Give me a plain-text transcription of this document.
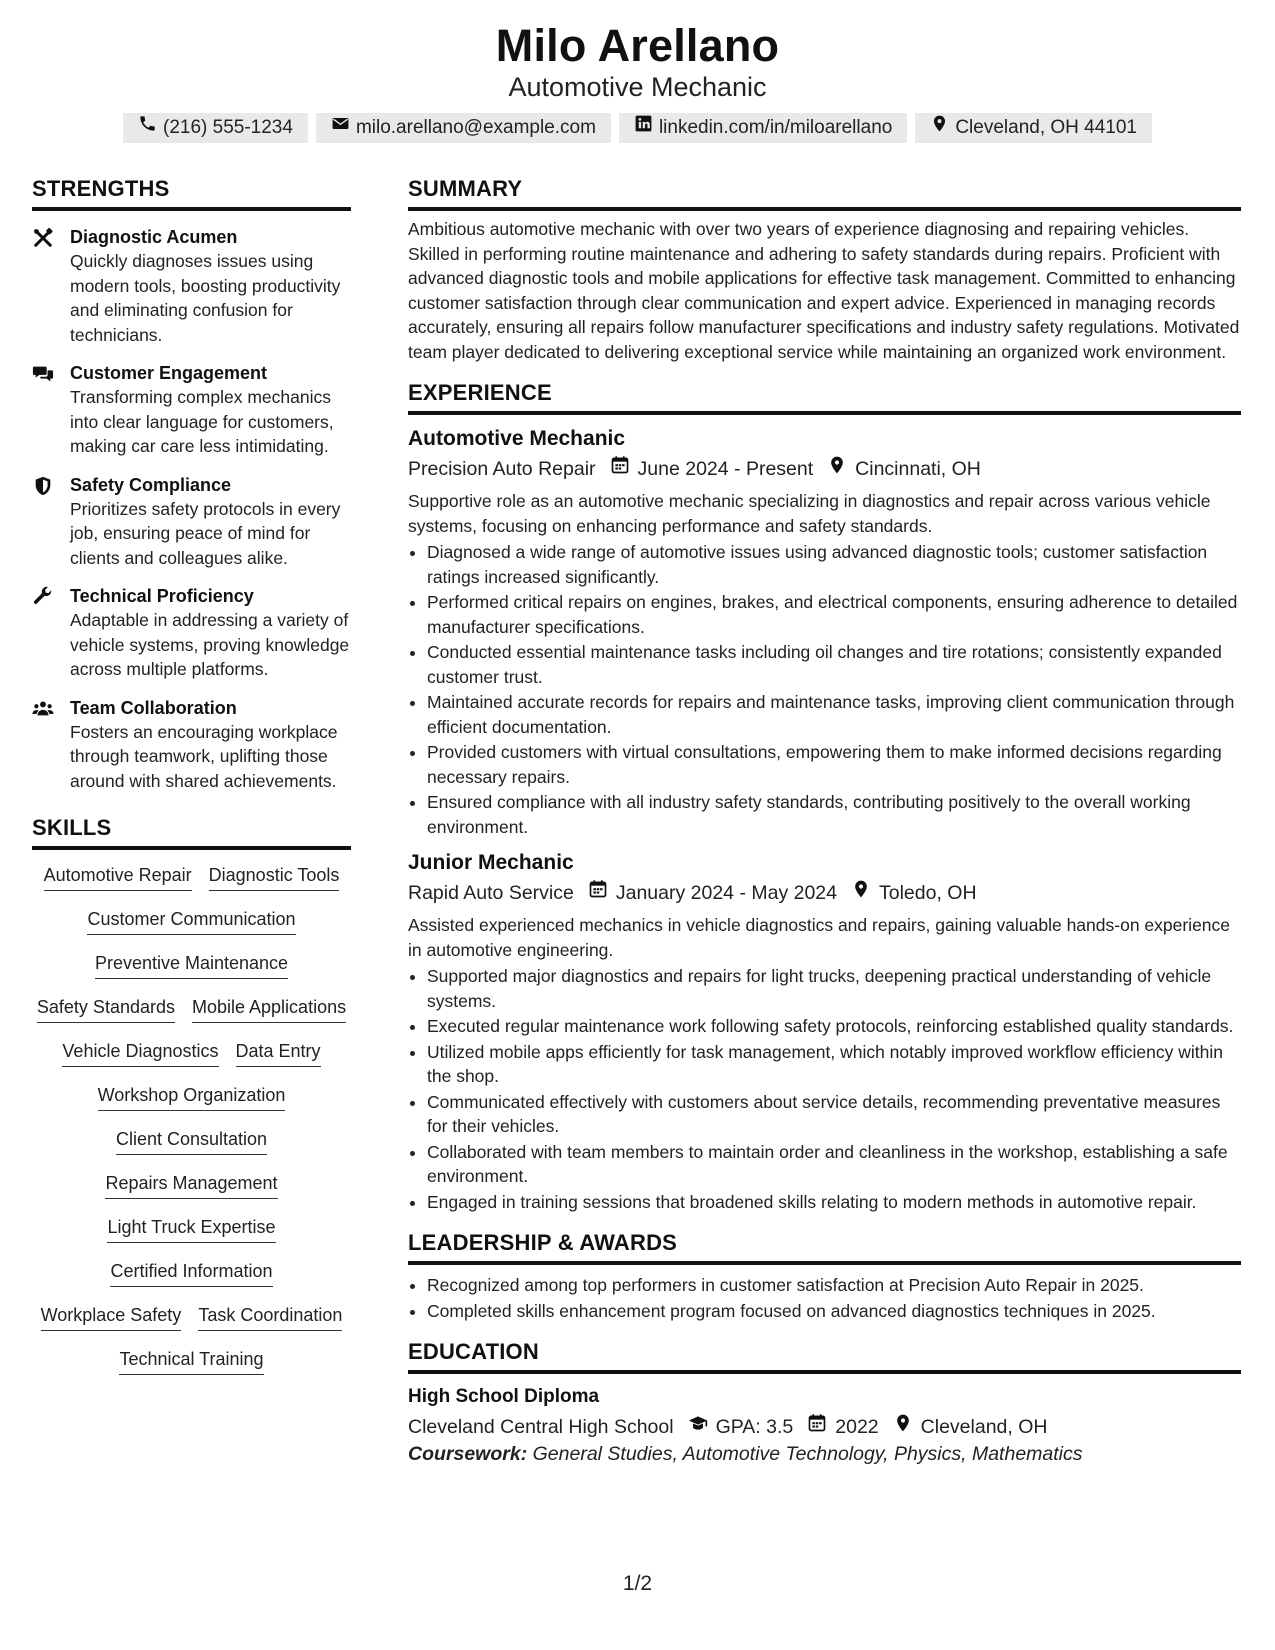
Milo Arellano
Automotive Mechanic
(216) 555-1234	milo.arellano@example.com	linkedin.com/in/miloarellano	Cleveland, OH 44101
STRENGTHS
Diagnostic Acumen
Quickly diagnoses issues using modern tools, boosting productivity and eliminating confusion for technicians.
Customer Engagement
Transforming complex mechanics into clear language for customers, making car care less intimidating.
Safety Compliance
Prioritizes safety protocols in every job, ensuring peace of mind for clients and colleagues alike.
Technical Proficiency
Adaptable in addressing a variety of vehicle systems, proving knowledge across multiple platforms.
Team Collaboration
Fosters an encouraging workplace through teamwork, uplifting those around with shared achievements.
SKILLS
Automotive Repair Diagnostic Tools
Customer Communication
Preventive Maintenance
Safety Standards Mobile Applications
Vehicle Diagnostics Data Entry
Workshop Organization
Client Consultation
Repairs Management
Light Truck Expertise
Certified Information
Workplace Safety Task Coordination
Technical Training
SUMMARY
Ambitious automotive mechanic with over two years of experience diagnosing and repairing vehicles. Skilled in performing routine maintenance and adhering to safety standards during repairs. Proficient with advanced diagnostic tools and mobile applications for effective task management. Committed to enhancing customer satisfaction through clear communication and expert advice. Experienced in managing records accurately, ensuring all repairs follow manufacturer specifications and industry safety regulations. Motivated team player dedicated to delivering exceptional service while maintaining an organized work environment.
EXPERIENCE
Automotive Mechanic
Precision Auto Repair June 2024 - Present Cincinnati, OH
Supportive role as an automotive mechanic specializing in diagnostics and repair across various vehicle systems, focusing on enhancing performance and safety standards.
• Diagnosed a wide range of automotive issues using advanced diagnostic tools; customer satisfaction ratings increased significantly.
• Performed critical repairs on engines, brakes, and electrical components, ensuring adherence to detailed manufacturer specifications.
• Conducted essential maintenance tasks including oil changes and tire rotations; consistently expanded customer trust.
• Maintained accurate records for repairs and maintenance tasks, improving client communication through efficient documentation.
• Provided customers with virtual consultations, empowering them to make informed decisions regarding necessary repairs.
• Ensured compliance with all industry safety standards, contributing positively to the overall working environment.
Junior Mechanic
Rapid Auto Service January 2024 - May 2024 Toledo, OH
Assisted experienced mechanics in vehicle diagnostics and repairs, gaining valuable hands-on experience in automotive engineering.
• Supported major diagnostics and repairs for light trucks, deepening practical understanding of vehicle systems.
• Executed regular maintenance work following safety protocols, reinforcing established quality standards.
• Utilized mobile apps efficiently for task management, which notably improved workflow efficiency within the shop.
• Communicated effectively with customers about service details, recommending preventative measures for their vehicles.
• Collaborated with team members to maintain order and cleanliness in the workshop, establishing a safe environment.
• Engaged in training sessions that broadened skills relating to modern methods in automotive repair.
LEADERSHIP & AWARDS
• Recognized among top performers in customer satisfaction at Precision Auto Repair in 2025.
• Completed skills enhancement program focused on advanced diagnostics techniques in 2025.
EDUCATION
High School Diploma
Cleveland Central High School GPA: 3.5 2022 Cleveland, OH
Coursework: General Studies, Automotive Technology, Physics, Mathematics
1/2
